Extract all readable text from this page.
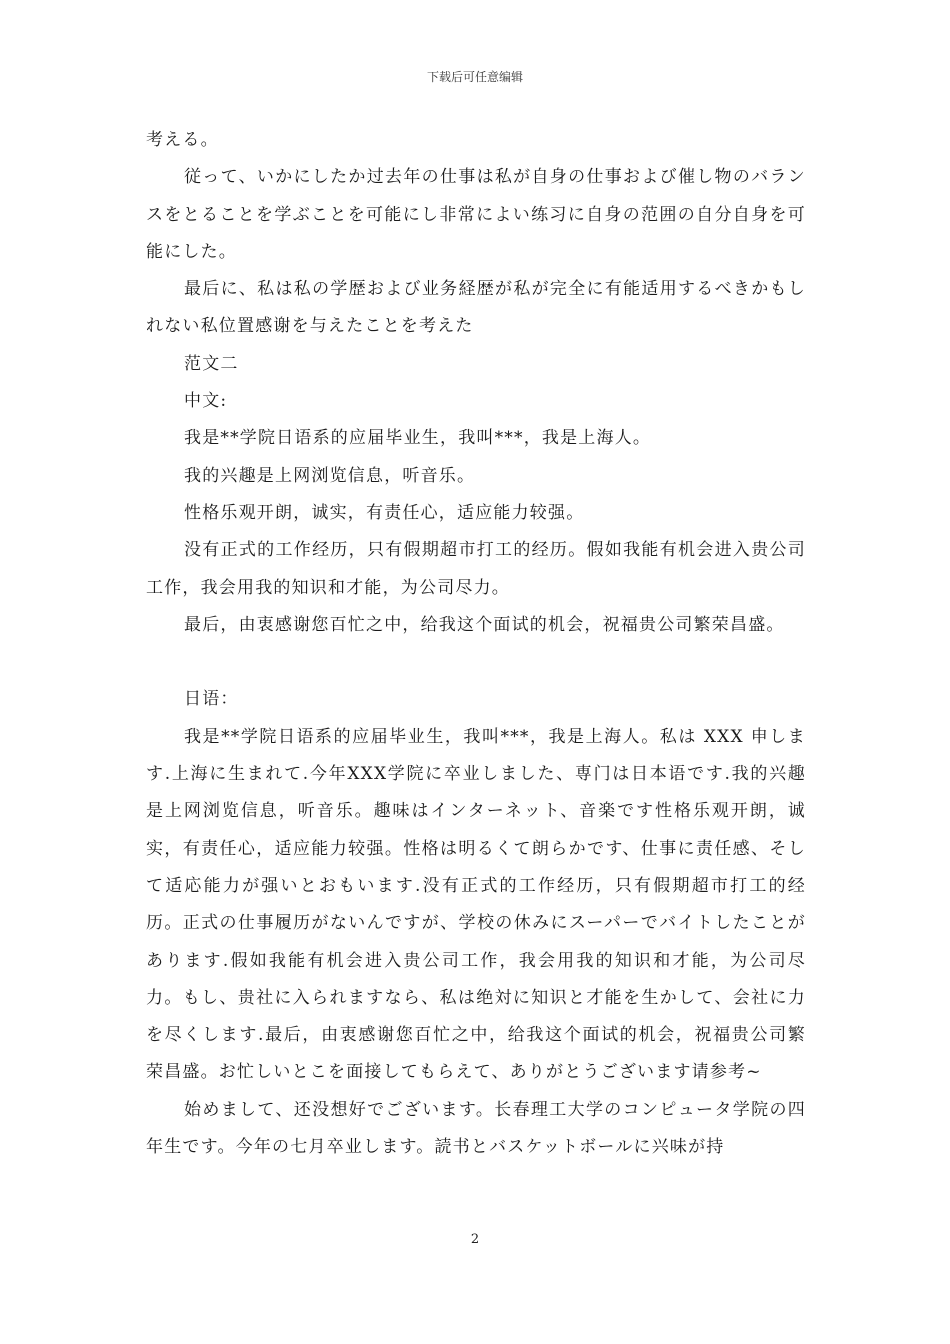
下载后可任意编辑

考える。

従って、いかにしたか过去年の仕事は私が自身の仕事および催し物のバランスをとることを学ぶことを可能にし非常によい练习に自身の范囲の自分自身を可能にした。

最后に、私は私の学歴および业务経歴が私が完全に有能适用するべきかもしれない私位置感谢を与えたことを考えた

范文二

中文:

我是**学院日语系的应届毕业生，我叫***，我是上海人。

我的兴趣是上网浏览信息，听音乐。

性格乐观开朗，诚实，有责任心，适应能力较强。

没有正式的工作经历，只有假期超市打工的经历。假如我能有机会进入贵公司工作，我会用我的知识和才能，为公司尽力。

最后，由衷感谢您百忙之中，给我这个面试的机会，祝福贵公司繁荣昌盛。

日语：

我是**学院日语系的应届毕业生，我叫***，我是上海人。私は XXX 申します.上海に生まれて.今年XXX学院に卒业しました、専门は日本语です.我的兴趣是上网浏览信息，听音乐。趣味はインターネット、音楽です性格乐观开朗，诚实，有责任心，适应能力较强。性格は明るくて朗らかです、仕事に责任感、そして适応能力が强いとおもいます.没有正式的工作经历，只有假期超市打工的经历。正式の仕事履历がないんですが、学校の休みにスーパーでバイトしたことがあります.假如我能有机会进入贵公司工作，我会用我的知识和才能，为公司尽力。もし、贵社に入られますなら、私は绝対に知识と才能を生かして、会社に力を尽くします.最后，由衷感谢您百忙之中，给我这个面试的机会，祝福贵公司繁荣昌盛。お忙しいとこを面接してもらえて、ありがとうございます请参考~

始めまして、还没想好でございます。长春理工大学のコンピュータ学院の四年生です。今年の七月卒业します。読书とバスケットボールに兴味が持

2
